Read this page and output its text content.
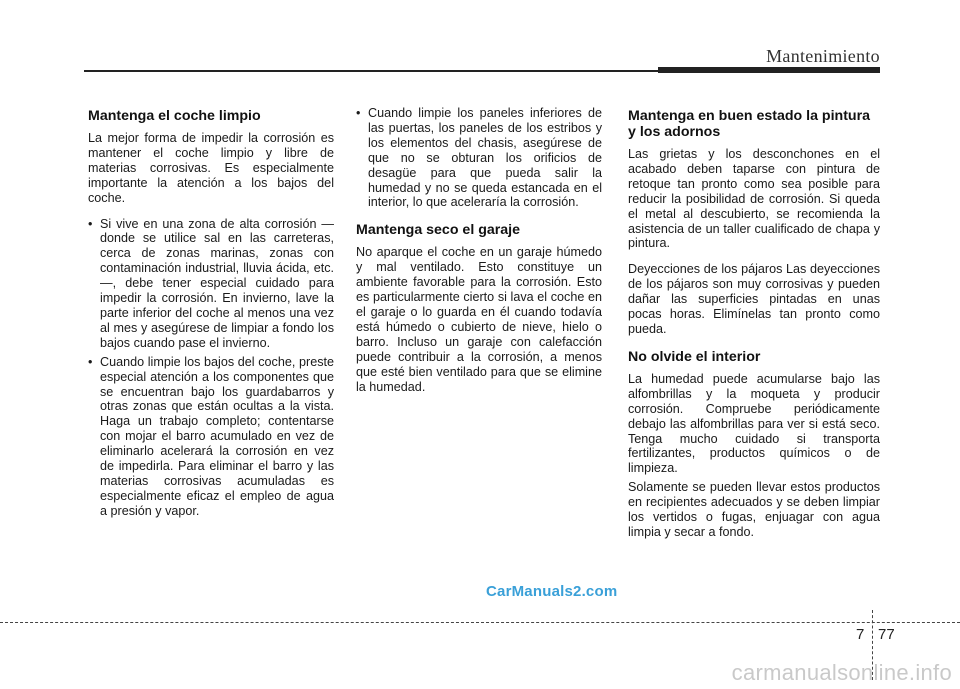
Mantenimiento
Mantenga el coche limpio

La mejor forma de impedir la corrosión es mantener el coche limpio y libre de materias corrosivas. Es especialmente importante la atención a los bajos del coche.

• Si vive en una zona de alta corrosión — donde se utilice sal en las carreteras, cerca de zonas marinas, zonas con contaminación industrial, lluvia ácida, etc.—, debe tener especial cuidado para impedir la corrosión. En invierno, lave la parte inferior del coche al menos una vez al mes y asegúrese de limpiar a fondo los bajos cuando pase el invierno.
• Cuando limpie los bajos del coche, preste especial atención a los componentes que se encuentran bajo los guardabarros y otras zonas que están ocultas a la vista. Haga un trabajo completo; contentarse con mojar el barro acumulado en vez de eliminarlo acelerará la corrosión en vez de impedirla. Para eliminar el barro y las materias corrosivas acumuladas es especialmente eficaz el empleo de agua a presión y vapor.
• Cuando limpie los paneles inferiores de las puertas, los paneles de los estribos y los elementos del chasis, asegúrese de que no se obturan los orificios de desagüe para que pueda salir la humedad y no se queda estancada en el interior, lo que aceleraría la corrosión.
Mantenga seco el garaje

No aparque el coche en un garaje húmedo y mal ventilado. Esto constituye un ambiente favorable para la corrosión. Esto es particularmente cierto si lava el coche en el garaje o lo guarda en él cuando todavía está húmedo o cubierto de nieve, hielo o barro. Incluso un garaje con calefacción puede contribuir a la corrosión, a menos que esté bien ventilado para que se elimine la humedad.

Mantenga en buen estado la pintura y los adornos

Las grietas y los desconchones en el acabado deben taparse con pintura de retoque tan pronto como sea posible para reducir la posibilidad de corrosión. Si queda el metal al descubierto, se recomienda la asistencia de un taller cualificado de chapa y pintura.

Deyecciones de los pájaros Las deyecciones de los pájaros son muy corrosivas y pueden dañar las superficies pintadas en unas pocas horas. Elimínelas tan pronto como pueda.

No olvide el interior

La humedad puede acumularse bajo las alfombrillas y la moqueta y producir corrosión. Compruebe periódicamente debajo las alfombrillas para ver si está seco. Tenga mucho cuidado si transporta fertilizantes, productos químicos o de limpieza.

Solamente se pueden llevar estos productos en recipientes adecuados y se deben limpiar los vertidos o fugas, enjuagar con agua limpia y secar a fondo.

CarManuals2.com
7 77
carmanualsonline.info
